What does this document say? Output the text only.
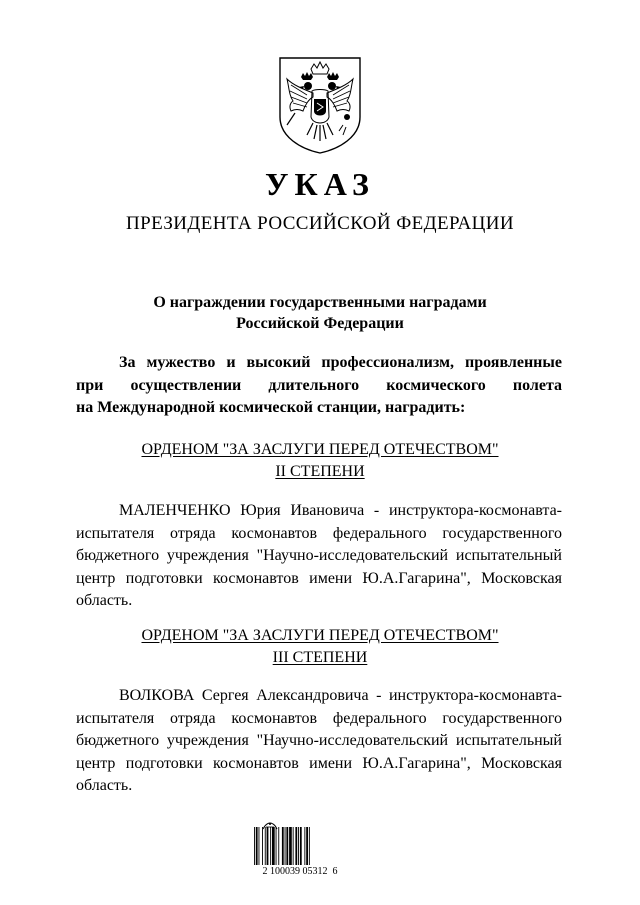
УКАЗ
ПРЕЗИДЕНТА РОССИЙСКОЙ ФЕДЕРАЦИИ
О награждении государственными наградами
Российской Федерации
За мужество и высокий профессионализм, проявленные
при осуществлении длительного космического полета
на Международной космической станции, наградить:
ОРДЕНОМ "ЗА ЗАСЛУГИ ПЕРЕД ОТЕЧЕСТВОМ"
II СТЕПЕНИ
МАЛЕНЧЕНКО Юрия Ивановича - инструктора-космонавта-
испытателя отряда космонавтов федерального государственного
бюджетного учреждения "Научно-исследовательский испытательный
центр подготовки космонавтов имени Ю.А.Гагарина", Московская
область.
ОРДЕНОМ "ЗА ЗАСЛУГИ ПЕРЕД ОТЕЧЕСТВОМ"
III СТЕПЕНИ
ВОЛКОВА Сергея Александровича - инструктора-космонавта-
испытателя отряда космонавтов федерального государственного
бюджетного учреждения "Научно-исследовательский испытательный
центр подготовки космонавтов имени Ю.А.Гагарина", Московская
область.
2 100039 05312  6
